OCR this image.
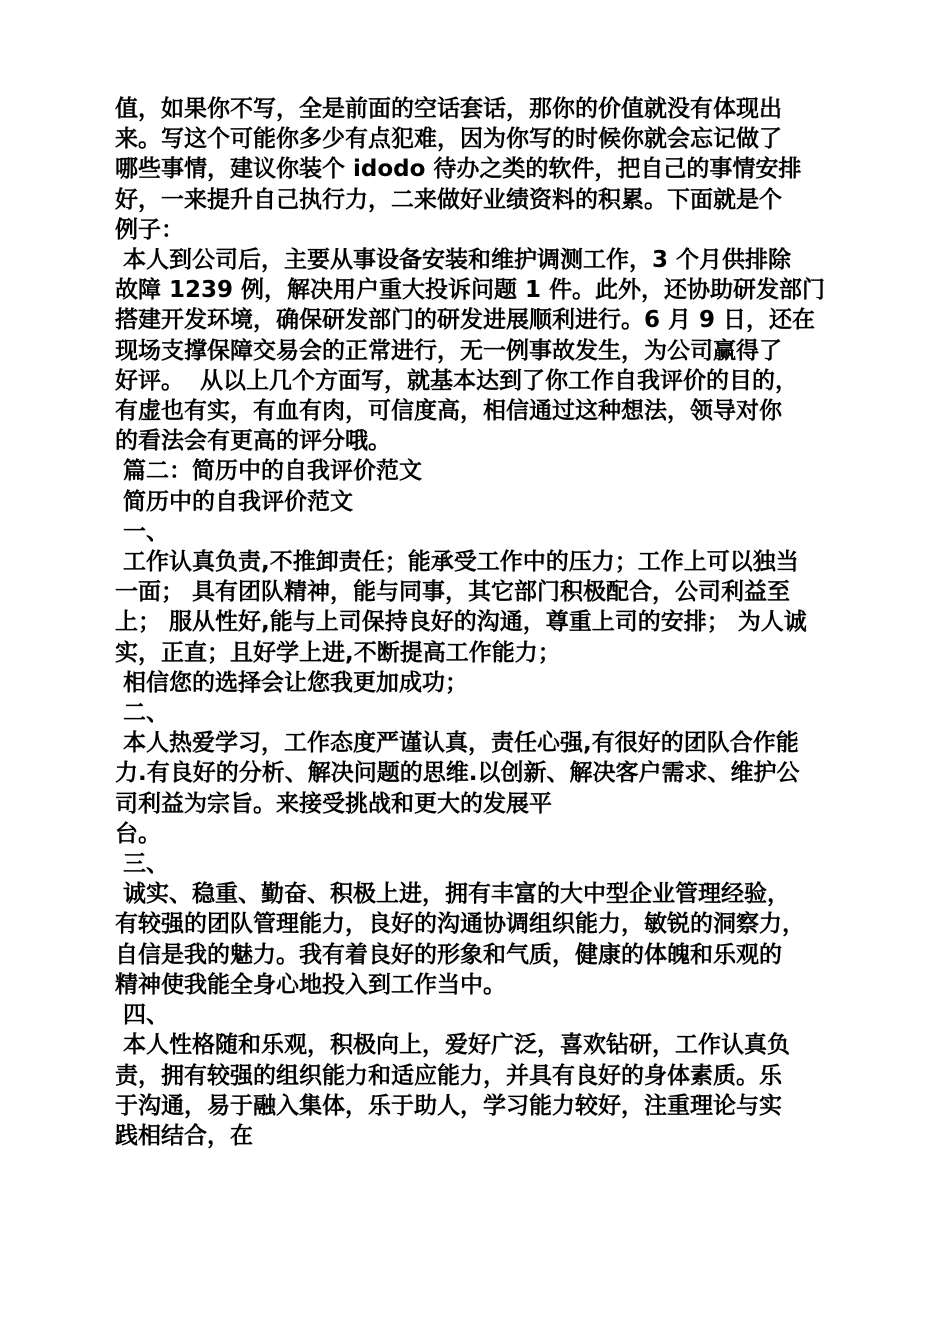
值，如果你不写，全是前面的空话套话，那你的价值就没有体现出

来。写这个可能你多少有点犯难，因为你写的时候你就会忘记做了

哪些事情，建议你装个 idodo 待办之类的软件，把自己的事情安排

好，一来提升自己执行力，二来做好业绩资料的积累。下面就是个

例子：

本人到公司后，主要从事设备安装和维护调测工作，3 个月供排除

故障 1239 例，解决用户重大投诉问题 1 件。此外，还协助研发部门

搭建开发环境，确保研发部门的研发进展顺利进行。6 月 9 日，还在

现场支撑保障交易会的正常进行，无一例事故发生，为公司赢得了

好评。  从以上几个方面写，就基本达到了你工作自我评价的目的，

有虚也有实，有血有肉，可信度高，相信通过这种想法，领导对你

的看法会有更高的评分哦。

篇二：简历中的自我评价范文

简历中的自我评价范文

一、

工作认真负责,不推卸责任；能承受工作中的压力；工作上可以独当

一面； 具有团队精神，能与同事，其它部门积极配合，公司利益至

上； 服从性好,能与上司保持良好的沟通，尊重上司的安排； 为人诚

实，正直；且好学上进,不断提高工作能力；

相信您的选择会让您我更加成功；

二、

本人热爱学习，工作态度严谨认真，责任心强,有很好的团队合作能

力.有良好的分析、解决问题的思维.以创新、解决客户需求、维护公

司利益为宗旨。来接受挑战和更大的发展平

台。

三、

诚实、稳重、勤奋、积极上进，拥有丰富的大中型企业管理经验，

有较强的团队管理能力，良好的沟通协调组织能力，敏锐的洞察力，

自信是我的魅力。我有着良好的形象和气质，健康的体魄和乐观的

精神使我能全身心地投入到工作当中。

四、

本人性格随和乐观，积极向上，爱好广泛，喜欢钻研，工作认真负

责，拥有较强的组织能力和适应能力，并具有良好的身体素质。乐

于沟通，易于融入集体，乐于助人，学习能力较好，注重理论与实

践相结合，在
